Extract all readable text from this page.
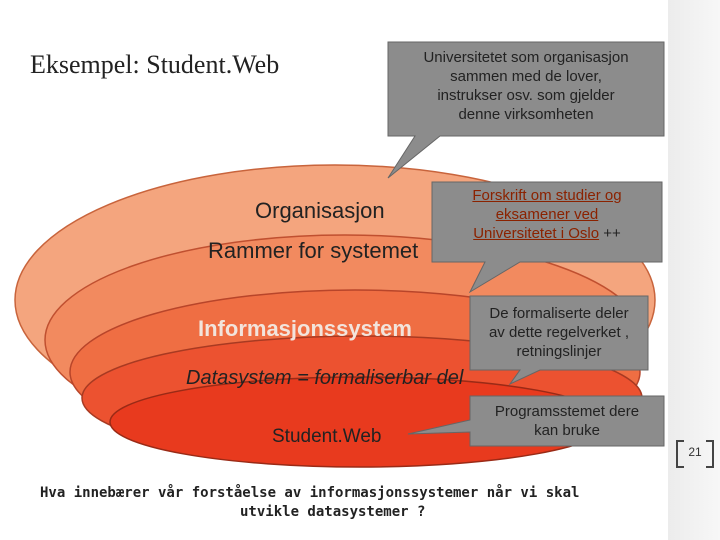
Eksempel: Student.Web
Organisasjon
Rammer for systemet
Informasjonssystem
Datasystem = formaliserbar del
Student.Web
Universitetet som organisasjon
sammen med de lover,
instrukser osv. som gjelder
denne virksomheten
Forskrift om studier og
eksamener ved
Universitetet i Oslo ++
De formaliserte deler
av dette regelverket ,
retningslinjer
Programsstemet dere
kan bruke
21
Hva innebærer vår forståelse av informasjonssystemer når vi skal
utvikle datasystemer ?
